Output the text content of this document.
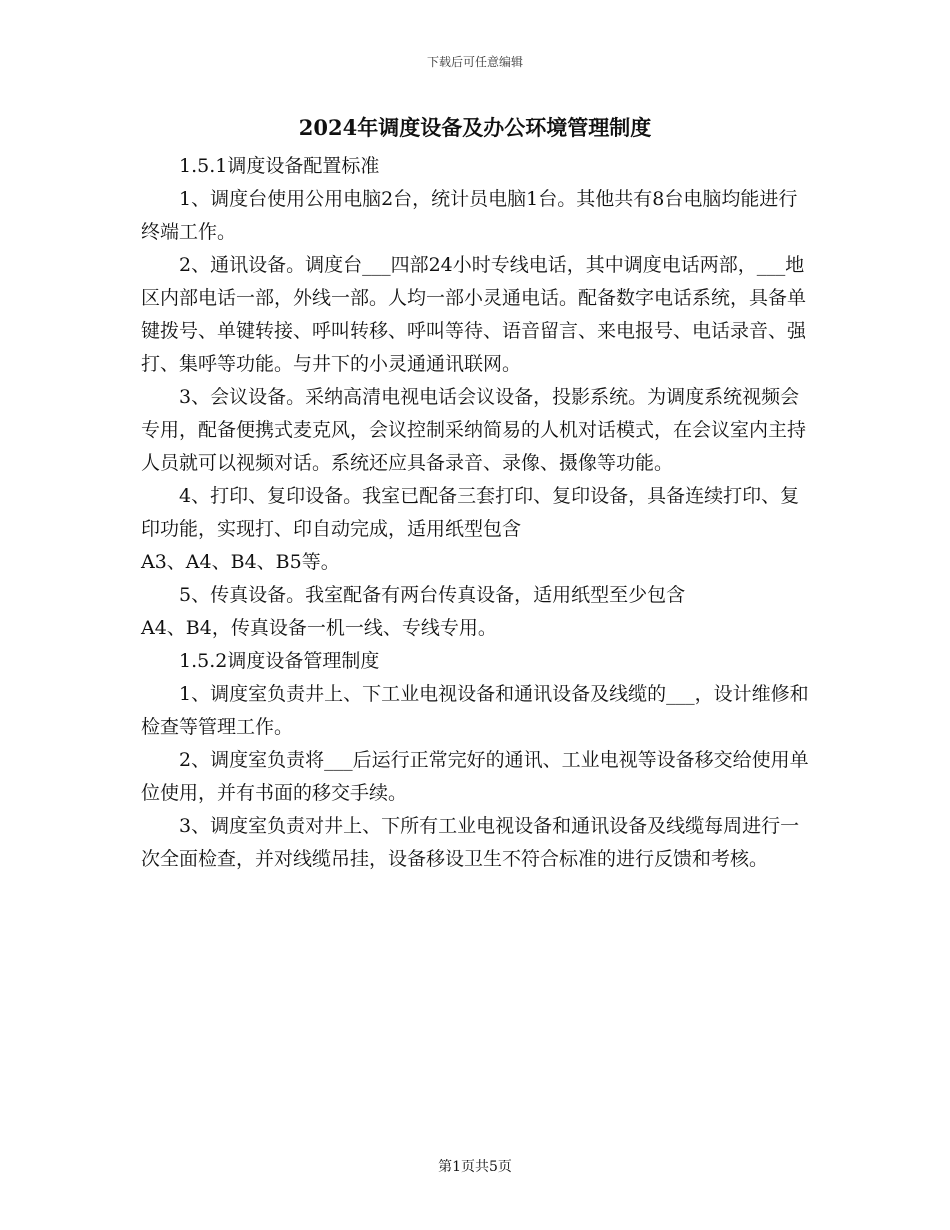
下载后可任意编辑
2024年调度设备及办公环境管理制度

1.5.1调度设备配置标准

1、调度台使用公用电脑2台，统计员电脑1台。其他共有8台电脑均能进行终端工作。

2、通讯设备。调度台___四部24小时专线电话，其中调度电话两部，___地区内部电话一部，外线一部。人均一部小灵通电话。配备数字电话系统，具备单键拨号、单键转接、呼叫转移、呼叫等待、语音留言、来电报号、电话录音、强打、集呼等功能。与井下的小灵通通讯联网。

3、会议设备。采纳高清电视电话会议设备，投影系统。为调度系统视频会专用，配备便携式麦克风，会议控制采纳简易的人机对话模式，在会议室内主持人员就可以视频对话。系统还应具备录音、录像、摄像等功能。

4、打印、复印设备。我室已配备三套打印、复印设备，具备连续打印、复印功能，实现打、印自动完成，适用纸型包含

A3、A4、B4、B5等。

5、传真设备。我室配备有两台传真设备，适用纸型至少包含

A4、B4，传真设备一机一线、专线专用。

1.5.2调度设备管理制度

1、调度室负责井上、下工业电视设备和通讯设备及线缆的___，设计维修和检查等管理工作。

2、调度室负责将___后运行正常完好的通讯、工业电视等设备移交给使用单位使用，并有书面的移交手续。

3、调度室负责对井上、下所有工业电视设备和通讯设备及线缆每周进行一次全面检查，并对线缆吊挂，设备移设卫生不符合标准的进行反馈和考核。

第1页共5页
